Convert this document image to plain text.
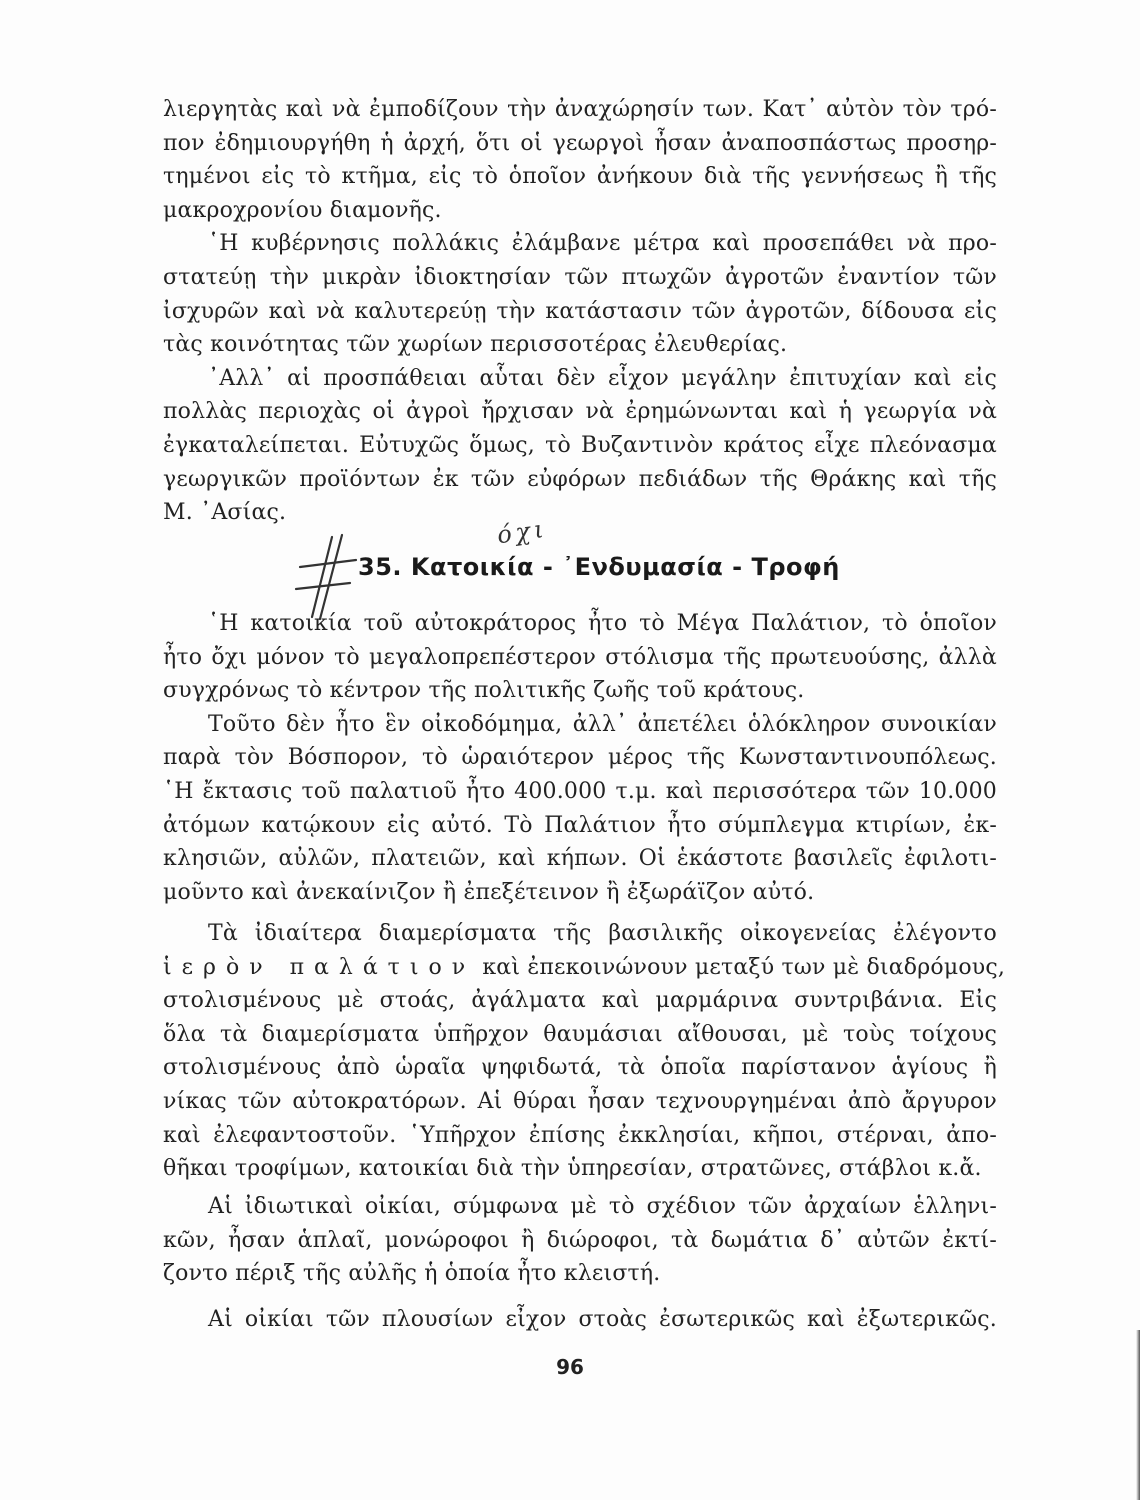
λιεργητὰς καὶ νὰ ἐμποδίζουν τὴν ἀναχώρησίν των. Κατ᾽ αὐτὸν τὸν τρό-
πον ἐδημιουργήθη ἡ ἀρχή, ὅτι οἱ γεωργοὶ ἦσαν ἀναποσπάστως προσηρ-
τημένοι εἰς τὸ κτῆμα, εἰς τὸ ὁποῖον ἀνήκουν διὰ τῆς γεννήσεως ἢ τῆς
μακροχρονίου διαμονῆς.
῾Η κυβέρνησις πολλάκις ἐλάμβανε μέτρα καὶ προσεπάθει νὰ προ-
στατεύῃ τὴν μικρὰν ἰδιοκτησίαν τῶν πτωχῶν ἀγροτῶν ἐναντίον τῶν
ἰσχυρῶν καὶ νὰ καλυτερεύῃ τὴν κατάστασιν τῶν ἀγροτῶν, δίδουσα εἰς
τὰς κοινότητας τῶν χωρίων περισσοτέρας ἐλευθερίας.
᾿Αλλ᾽ αἱ προσπάθειαι αὗται δὲν εἶχον μεγάλην ἐπιτυχίαν καὶ εἰς
πολλὰς περιοχὰς οἱ ἀγροὶ ἤρχισαν νὰ ἐρημώνωνται καὶ ἡ γεωργία νὰ
ἐγκαταλείπεται. Εὐτυχῶς ὅμως, τὸ Βυζαντινὸν κράτος εἶχε πλεόνασμα
γεωργικῶν προϊόντων ἐκ τῶν εὐφόρων πεδιάδων τῆς Θράκης καὶ τῆς
Μ. ᾿Ασίας.
όχι
35. Κατοικία - ᾿Ενδυμασία - Τροφή
῾Η κατοικία τοῦ αὐτοκράτορος ἦτο τὸ Μέγα Παλάτιον, τὸ ὁποῖον
ἦτο ὄχι μόνον τὸ μεγαλοπρεπέστερον στόλισμα τῆς πρωτευούσης, ἀλλὰ
συγχρόνως τὸ κέντρον τῆς πολιτικῆς ζωῆς τοῦ κράτους.
Τοῦτο δὲν ἦτο ἓν οἰκοδόμημα, ἀλλ᾽ ἀπετέλει ὁλόκληρον συνοικίαν
παρὰ τὸν Βόσπορον, τὸ ὡραιότερον μέρος τῆς Κωνσταντινουπόλεως.
῾Η ἔκτασις τοῦ παλατιοῦ ἦτο 400.000 τ.μ. καὶ περισσότερα τῶν 10.000
ἀτόμων κατῴκουν εἰς αὐτό. Τὸ Παλάτιον ἦτο σύμπλεγμα κτιρίων, ἐκ-
κλησιῶν, αὐλῶν, πλατειῶν, καὶ κήπων. Οἱ ἑκάστοτε βασιλεῖς ἐφιλοτι-
μοῦντο καὶ ἀνεκαίνιζον ἢ ἐπεξέτεινον ἢ ἐξωράϊζον αὐτό.
Τὰ ἰδιαίτερα διαμερίσματα τῆς βασιλικῆς οἰκογενείας ἐλέγοντο
ἱερὸν παλάτιον καὶ ἐπεκοινώνουν μεταξύ των μὲ διαδρόμους,
στολισμένους μὲ στοάς, ἀγάλματα καὶ μαρμάρινα συντριβάνια. Εἰς
ὅλα τὰ διαμερίσματα ὑπῆρχον θαυμάσιαι αἴθουσαι, μὲ τοὺς τοίχους
στολισμένους ἀπὸ ὡραῖα ψηφιδωτά, τὰ ὁποῖα παρίστανον ἁγίους ἢ
νίκας τῶν αὐτοκρατόρων. Αἱ θύραι ἦσαν τεχνουργημέναι ἀπὸ ἄργυρον
καὶ ἐλεφαντοστοῦν. ῾Υπῆρχον ἐπίσης ἐκκλησίαι, κῆποι, στέρναι, ἀπο-
θῆκαι τροφίμων, κατοικίαι διὰ τὴν ὑπηρεσίαν, στρατῶνες, στάβλοι κ.ἄ.
Αἱ ἰδιωτικαὶ οἰκίαι, σύμφωνα μὲ τὸ σχέδιον τῶν ἀρχαίων ἑλληνι-
κῶν, ἦσαν ἁπλαῖ, μονώροφοι ἢ διώροφοι, τὰ δωμάτια δ᾽ αὐτῶν ἐκτί-
ζοντο πέριξ τῆς αὐλῆς ἡ ὁποία ἦτο κλειστή.
Αἱ οἰκίαι τῶν πλουσίων εἶχον στοὰς ἐσωτερικῶς καὶ ἐξωτερικῶς.
96
